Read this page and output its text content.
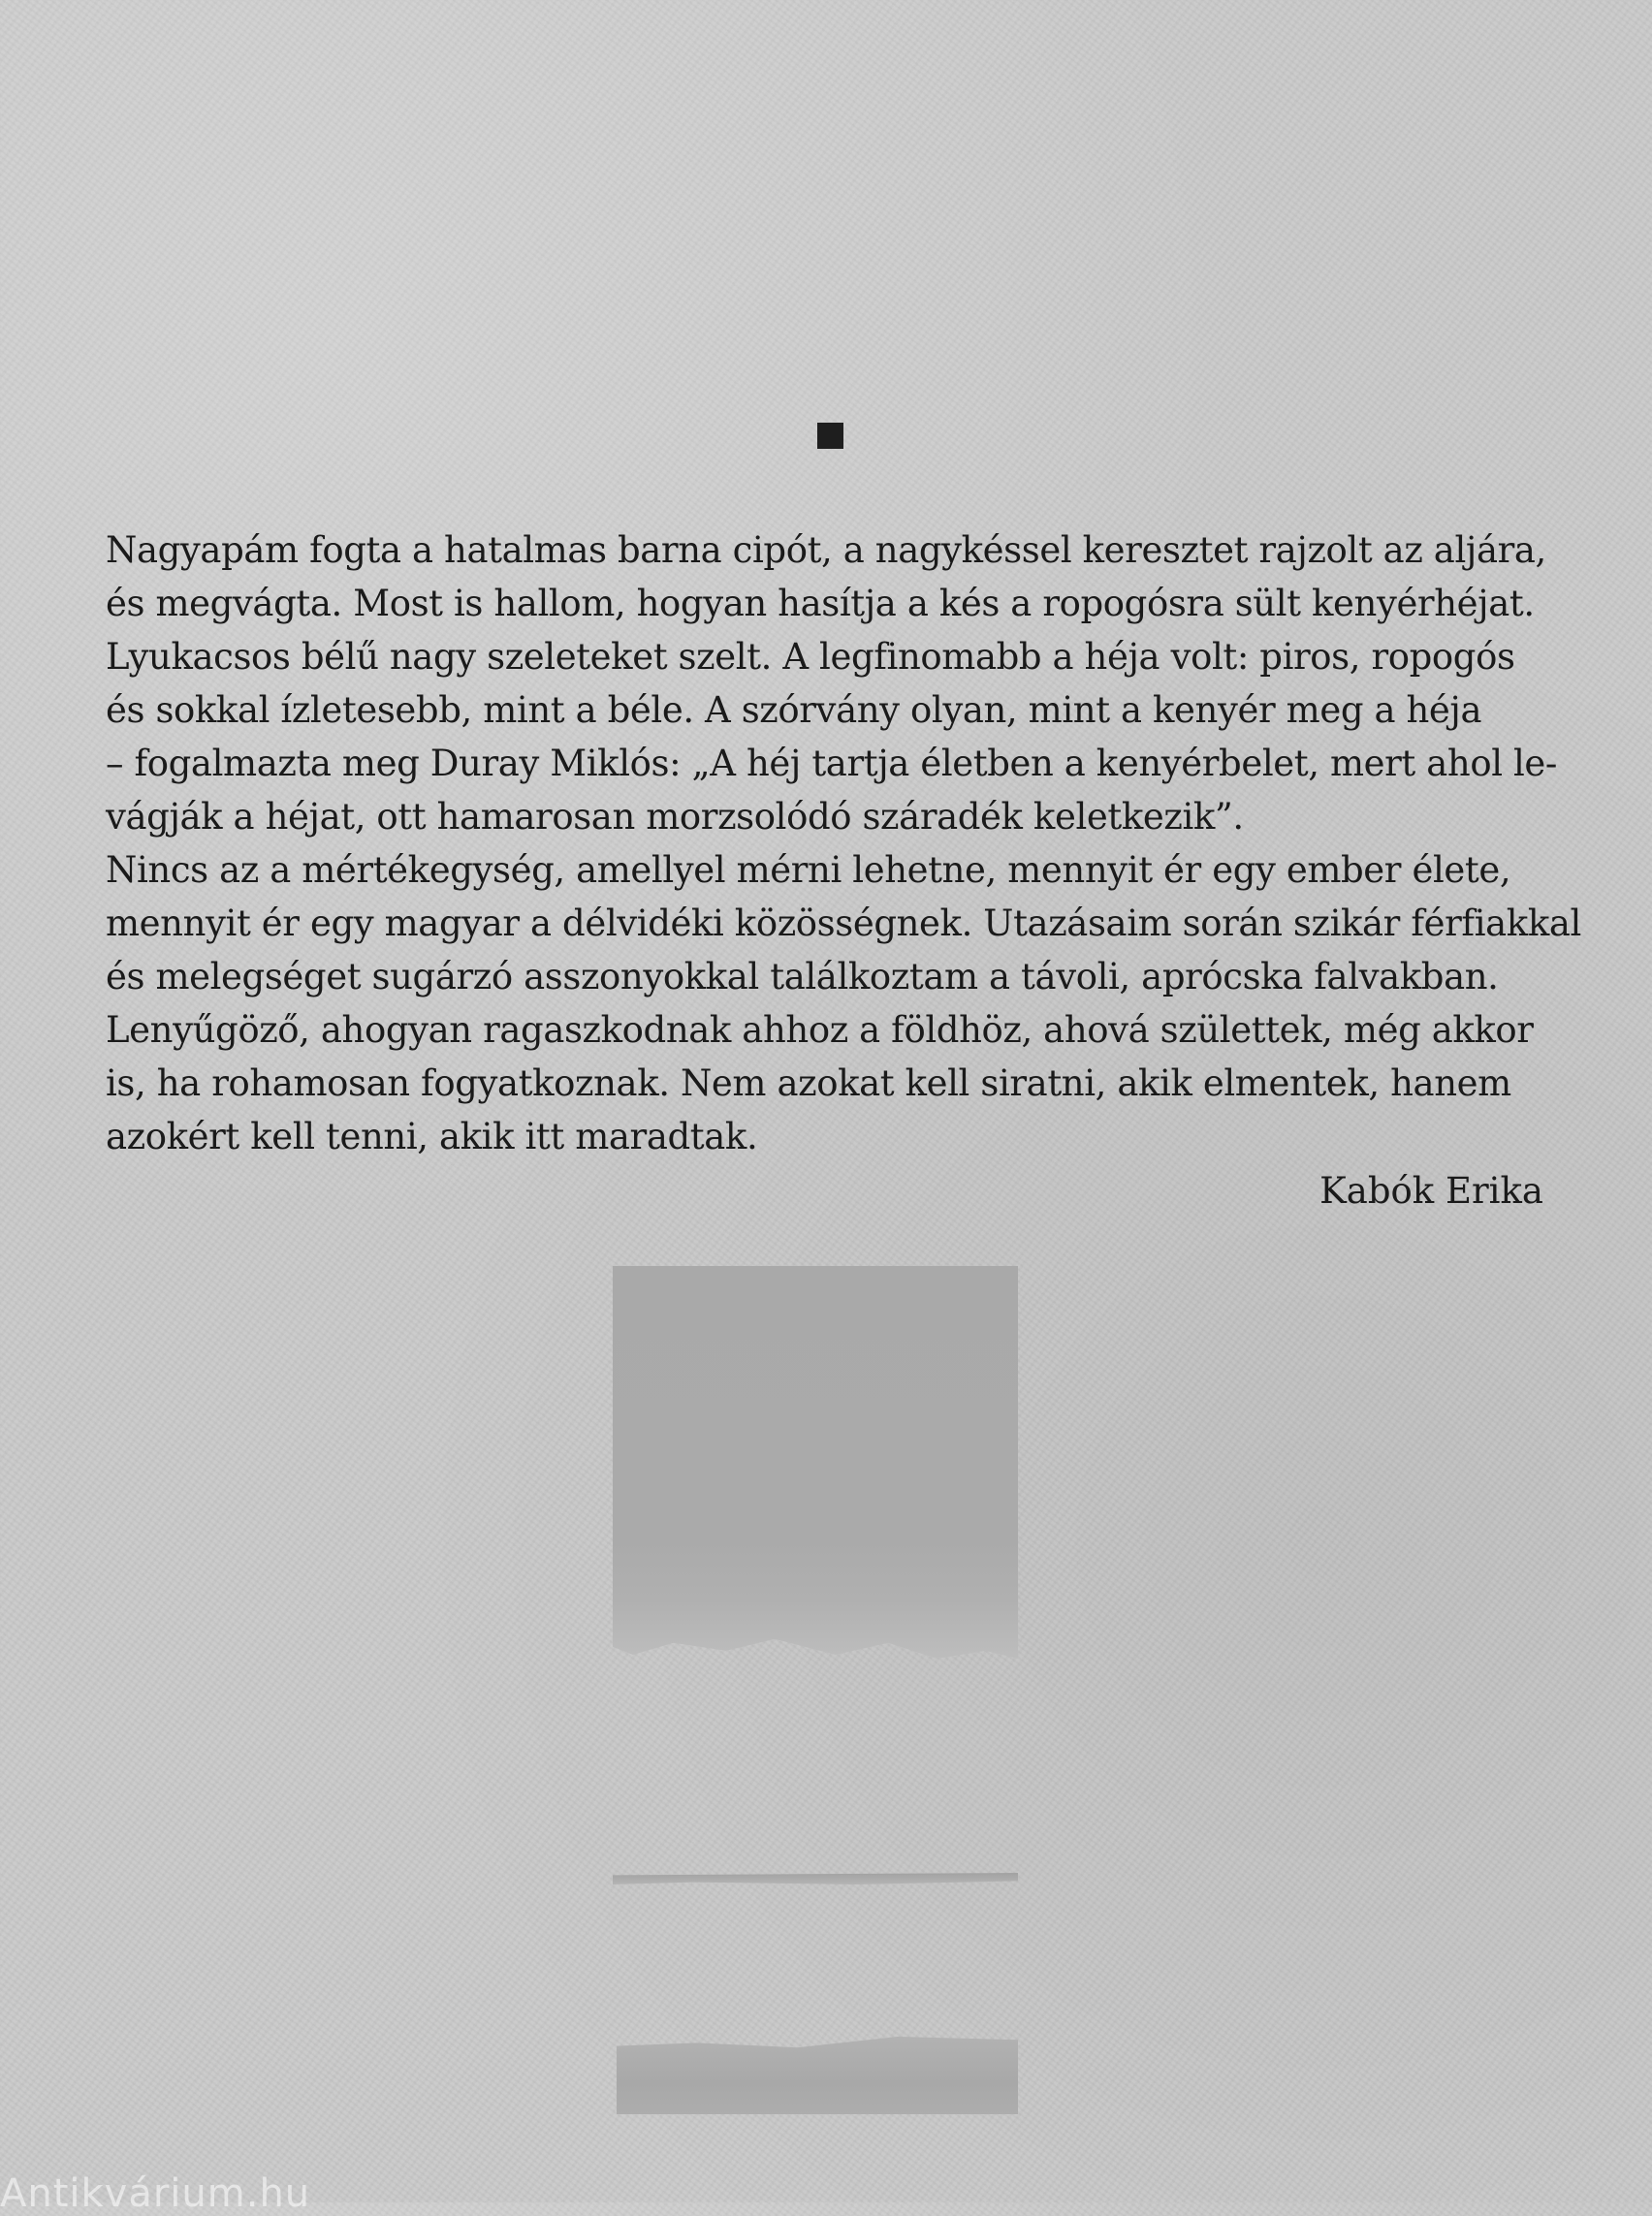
Nagyapám fogta a hatalmas barna cipót, a nagykéssel keresztet rajzolt az aljára,
és megvágta. Most is hallom, hogyan hasítja a kés a ropogósra sült kenyérhéjat.
Lyukacsos bélű nagy szeleteket szelt. A legfinomabb a héja volt: piros, ropogós
és sokkal ízletesebb, mint a béle. A szórvány olyan, mint a kenyér meg a héja
– fogalmazta meg Duray Miklós: „A héj tartja életben a kenyérbelet, mert ahol le-
vágják a héjat, ott hamarosan morzsolódó száradék keletkezik”.
Nincs az a mértékegység, amellyel mérni lehetne, mennyit ér egy ember élete,
mennyit ér egy magyar a délvidéki közösségnek. Utazásaim során szikár férfiakkal
és melegséget sugárzó asszonyokkal találkoztam a távoli, aprócska falvakban.
Lenyűgöző, ahogyan ragaszkodnak ahhoz a földhöz, ahová születtek, még akkor
is, ha rohamosan fogyatkoznak. Nem azokat kell siratni, akik elmentek, hanem
azokért kell tenni, akik itt maradtak.

Kabók Erika
Antikvárium.hu
